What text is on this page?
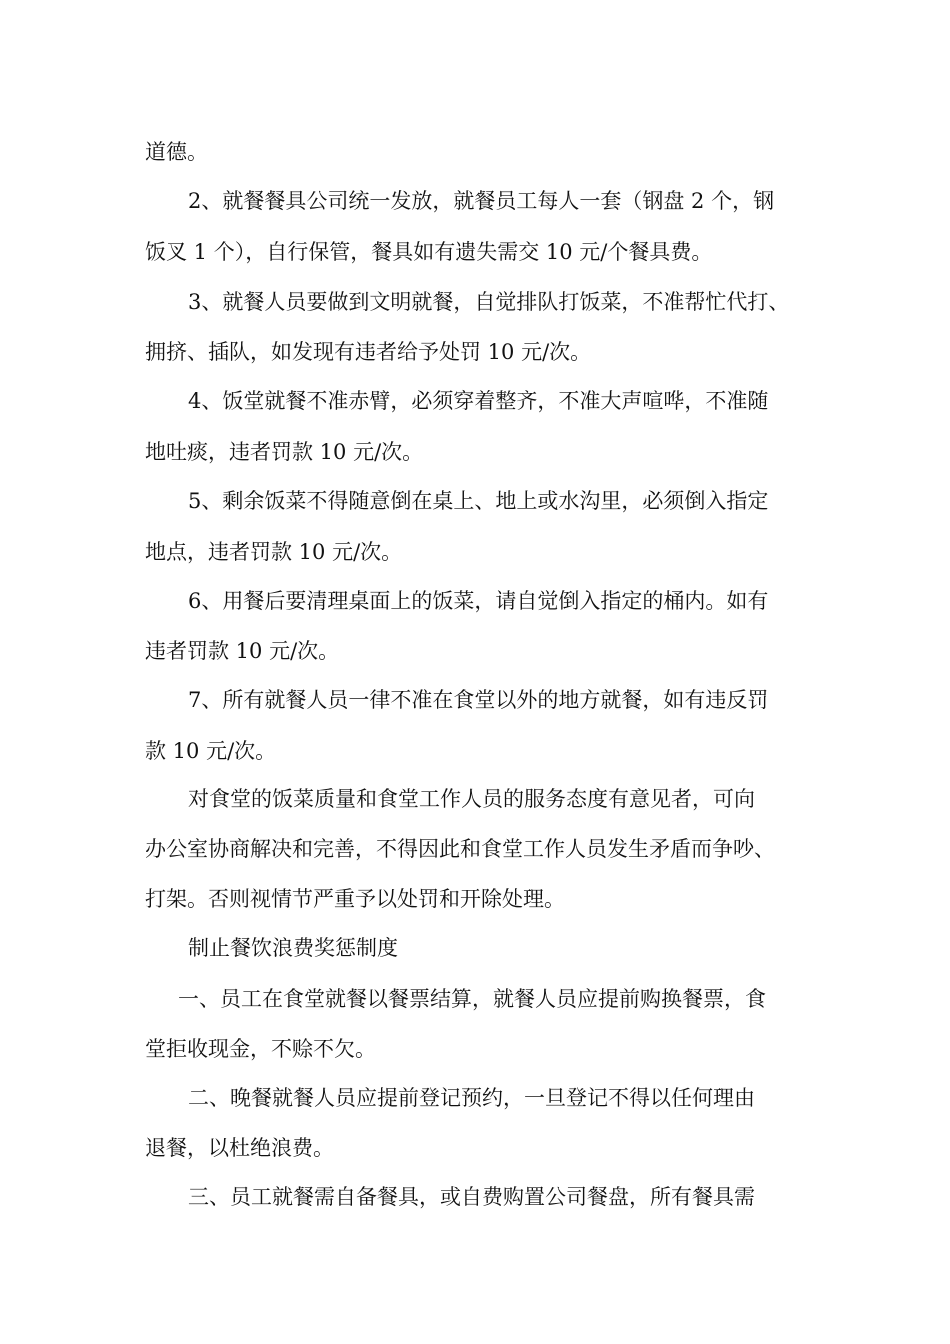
道德。
2、就餐餐具公司统一发放，就餐员工每人一套（钢盘 2 个，钢
饭叉 1 个），自行保管，餐具如有遗失需交 10 元/个餐具费。
3、就餐人员要做到文明就餐，自觉排队打饭菜，不准帮忙代打、
拥挤、插队，如发现有违者给予处罚 10 元/次。
4、饭堂就餐不准赤臂，必须穿着整齐，不准大声喧哗，不准随
地吐痰，违者罚款 10 元/次。
5、剩余饭菜不得随意倒在桌上、地上或水沟里，必须倒入指定
地点，违者罚款 10 元/次。
6、用餐后要清理桌面上的饭菜，请自觉倒入指定的桶内。如有
违者罚款 10 元/次。
7、所有就餐人员一律不准在食堂以外的地方就餐，如有违反罚
款 10 元/次。
对食堂的饭菜质量和食堂工作人员的服务态度有意见者，可向
办公室协商解决和完善，不得因此和食堂工作人员发生矛盾而争吵、
打架。否则视情节严重予以处罚和开除处理。
制止餐饮浪费奖惩制度
一、员工在食堂就餐以餐票结算，就餐人员应提前购换餐票，食
堂拒收现金，不赊不欠。
二、晚餐就餐人员应提前登记预约，一旦登记不得以任何理由
退餐，以杜绝浪费。
三、员工就餐需自备餐具，或自费购置公司餐盘，所有餐具需
